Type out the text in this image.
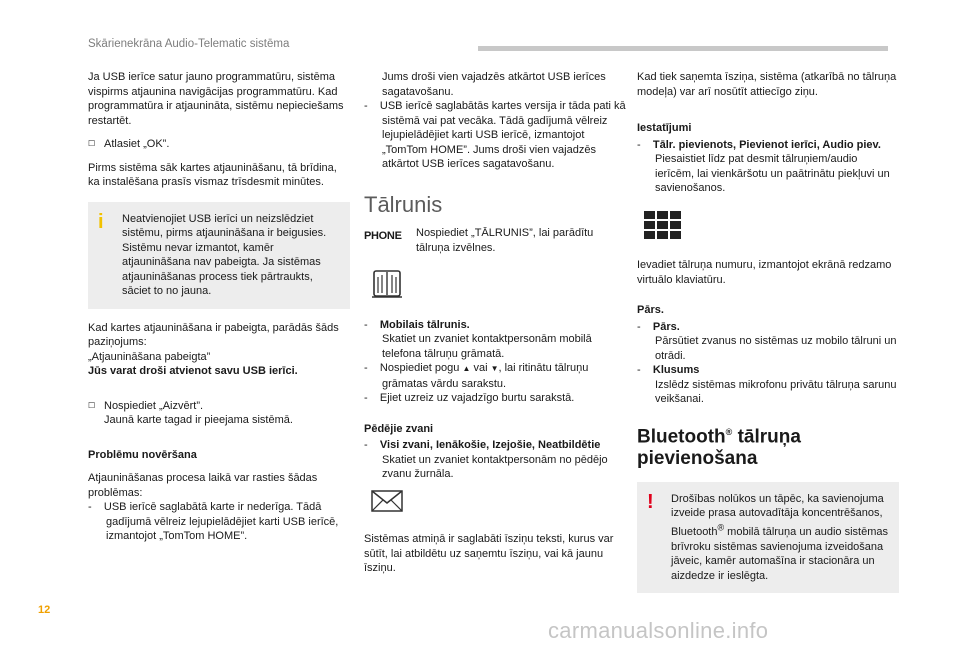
Skārienekrāna Audio-Telematic sistēma

Ja USB ierīce satur jauno programmatūru, sistēma vispirms atjaunina navigācijas programmatūru. Kad programmatūra ir atjaunināta, sistēmu nepieciešams restartēt.

☐ Atlasiet „OK”.

Pirms sistēma sāk kartes atjaunināšanu, tā brīdina, ka instalēšana prasīs vismaz trīsdesmit minūtes.

i Neatvienojiet USB ierīci un neizslēdziet sistēmu, pirms atjaunināšana ir beigusies. Sistēmu nevar izmantot, kamēr atjaunināšana nav pabeigta. Ja sistēmas atjaunināšanas process tiek pārtraukts, sāciet to no jauna.

Kad kartes atjaunināšana ir pabeigta, parādās šāds paziņojums:

„Atjaunināšana pabeigta”

Jūs varat droši atvienot savu USB ierīci.

☐ Nospiediet „Aizvērt”.
Jaunā karte tagad ir pieejama sistēmā.

Problēmu novēršana

Atjaunināšanas procesa laikā var rasties šādas problēmas:

-    USB ierīcē saglabātā karte ir nederīga. Tādā gadījumā vēlreiz lejupielādējiet karti USB ierīcē, izmantojot „TomTom HOME”.

Jums droši vien vajadzēs atkārtot USB ierīces sagatavošanu.

-    USB ierīcē saglabātās kartes versija ir tāda pati kā sistēmā vai pat vecāka. Tādā gadījumā vēlreiz lejupielādējiet karti USB ierīcē, izmantojot „TomTom HOME”. Jums droši vien vajadzēs atkārtot USB ierīces sagatavošanu.

Tālrunis
PHONE	Nospiediet „TĀLRUNIS”, lai parādītu tālruņa izvēlnes.

-    Mobilais tālrunis.
Skatiet un zvaniet kontaktpersonām mobilā telefona tālruņu grāmatā.

-    Nospiediet pogu ▲ vai ▼, lai ritinātu tālruņu grāmatas vārdu sarakstu.

-    Ejiet uzreiz uz vajadzīgo burtu sarakstā.

Pēdējie zvani

-    Visi zvani, Ienākošie, Izejošie, Neatbildētie
Skatiet un zvaniet kontaktpersonām no pēdējo zvanu žurnāla.

Sistēmas atmiņā ir saglabāti īsziņu teksti, kurus var sūtīt, lai atbildētu uz saņemtu īsziņu, vai kā jaunu īsziņu.

Kad tiek saņemta īsziņa, sistēma (atkarībā no tālruņa modeļa) var arī nosūtīt attiecīgo ziņu.

Iestatījumi

-    Tālr. pievienots, Pievienot ierīci, Audio piev.
Piesaistiet līdz pat desmit tālruņiem/audio ierīcēm, lai vienkāršotu un paātrinātu piekļuvi un savienošanos.

Ievadiet tālruņa numuru, izmantojot ekrānā redzamo virtuālo klaviatūru.

Pārs.

-    Pārs.
Pārsūtiet zvanus no sistēmas uz mobilo tālruni un otrādi.

-    Klusums
Izslēdz sistēmas mikrofonu privātu tālruņa sarunu veikšanai.

Bluetooth® tālruņa pievienošana
! Drošības nolūkos un tāpēc, ka savienojuma izveide prasa autovadītāja koncentrēšanos, Bluetooth® mobilā tālruņa un audio sistēmas brīvroku sistēmas savienojuma izveidošana jāveic, kamēr automašīna ir stacionāra un aizdedze ir ieslēgta.
12
carmanualsonline.info
